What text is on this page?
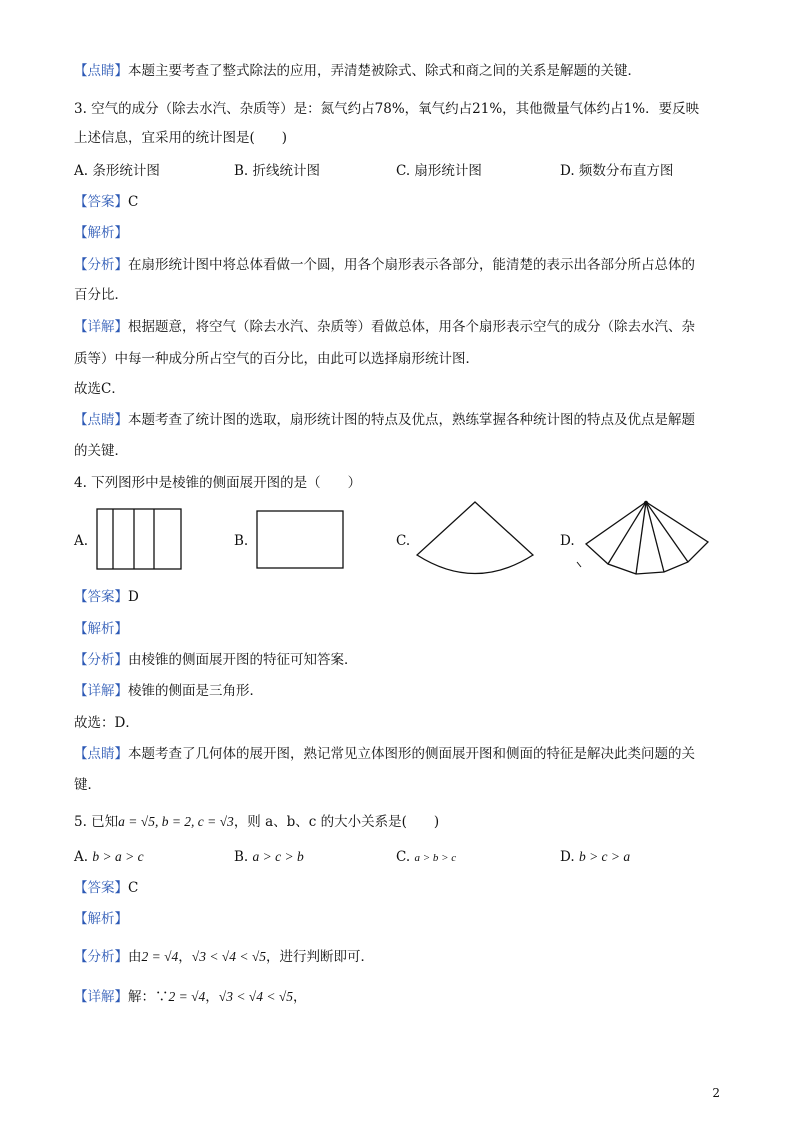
【点睛】本题主要考查了整式除法的应用，弄清楚被除式、除式和商之间的关系是解题的关键．
3. 空气的成分（除去水汽、杂质等）是：氮气约占78%，氧气约占21%，其他微量气体约占1%．要反映
上述信息，宜采用的统计图是(　　)
A. 条形统计图	B. 折线统计图	C. 扇形统计图	D. 频数分布直方图
【答案】C
【解析】
【分析】在扇形统计图中将总体看做一个圆，用各个扇形表示各部分，能清楚的表示出各部分所占总体的
百分比．
【详解】根据题意，将空气（除去水汽、杂质等）看做总体，用各个扇形表示空气的成分（除去水汽、杂
质等）中每一种成分所占空气的百分比，由此可以选择扇形统计图．
故选C．
【点睛】本题考查了统计图的选取，扇形统计图的特点及优点，熟练掌握各种统计图的特点及优点是解题
的关键．
4. 下列图形中是棱锥的侧面展开图的是（　　）
A.	B.	C.	D.
【答案】D
【解析】
【分析】由棱锥的侧面展开图的特征可知答案．
【详解】棱锥的侧面是三角形．
故选：D．
【点睛】本题考查了几何体的展开图，熟记常见立体图形的侧面展开图和侧面的特征是解决此类问题的关
键．
5. 已知a = √5, b = 2, c = √3，则 a、b、c 的大小关系是(　　)
A. b > a > c	B. a > c > b	C. a > b > c	D. b > c > a
【答案】C
【解析】
【分析】由2 = √4，√3 < √4 < √5，进行判断即可．
【详解】解：∵2 = √4，√3 < √4 < √5，
2
